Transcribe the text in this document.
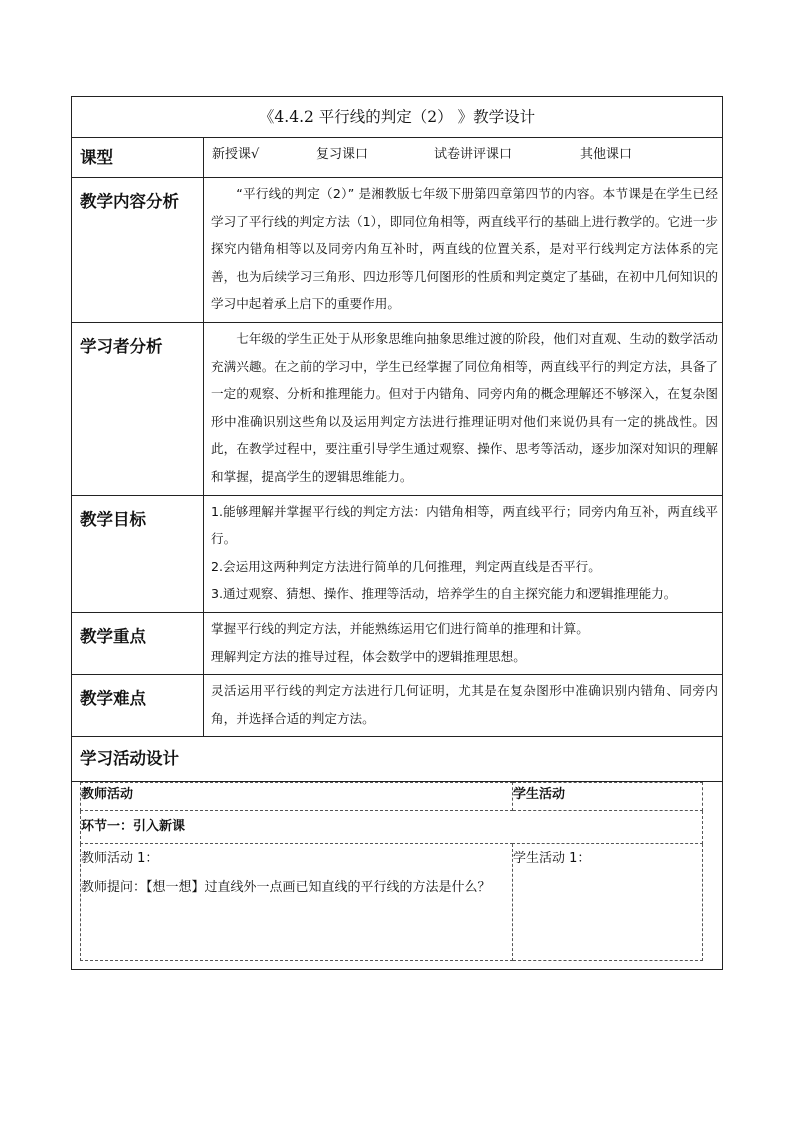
《4.4.2 平行线的判定（2） 》教学设计
课型	新授课√	复习课口	试卷讲评课口	其他课口

教学内容分析	“平行线的判定（2）” 是湘教版七年级下册第四章第四节的内容。本节课是在学生已经学习了平行线的判定方法（1），即同位角相等，两直线平行的基础上进行教学的。它进一步探究内错角相等以及同旁内角互补时，两直线的位置关系，是对平行线判定方法体系的完善，也为后续学习三角形、四边形等几何图形的性质和判定奠定了基础，在初中几何知识的学习中起着承上启下的重要作用。

学习者分析	七年级的学生正处于从形象思维向抽象思维过渡的阶段，他们对直观、生动的数学活动充满兴趣。在之前的学习中，学生已经掌握了同位角相等，两直线平行的判定方法，具备了一定的观察、分析和推理能力。但对于内错角、同旁内角的概念理解还不够深入，在复杂图形中准确识别这些角以及运用判定方法进行推理证明对他们来说仍具有一定的挑战性。因此，在教学过程中，要注重引导学生通过观察、操作、思考等活动，逐步加深对知识的理解和掌握，提高学生的逻辑思维能力。

教学目标	1.能够理解并掌握平行线的判定方法：内错角相等，两直线平行；同旁内角互补，两直线平行。

2.会运用这两种判定方法进行简单的几何推理，判定两直线是否平行。

3.通过观察、猜想、操作、推理等活动，培养学生的自主探究能力和逻辑推理能力。

教学重点	掌握平行线的判定方法，并能熟练运用它们进行简单的推理和计算。

理解判定方法的推导过程，体会数学中的逻辑推理思想。

教学难点	灵活运用平行线的判定方法进行几何证明，尤其是在复杂图形中准确识别内错角、同旁内角，并选择合适的判定方法。

学习活动设计

教师活动	学生活动
环节一：引入新课

教师活动 1：

教师提问：【想一想】过直线外一点画已知直线的平行线的方法是什么？

学生活动 1：
